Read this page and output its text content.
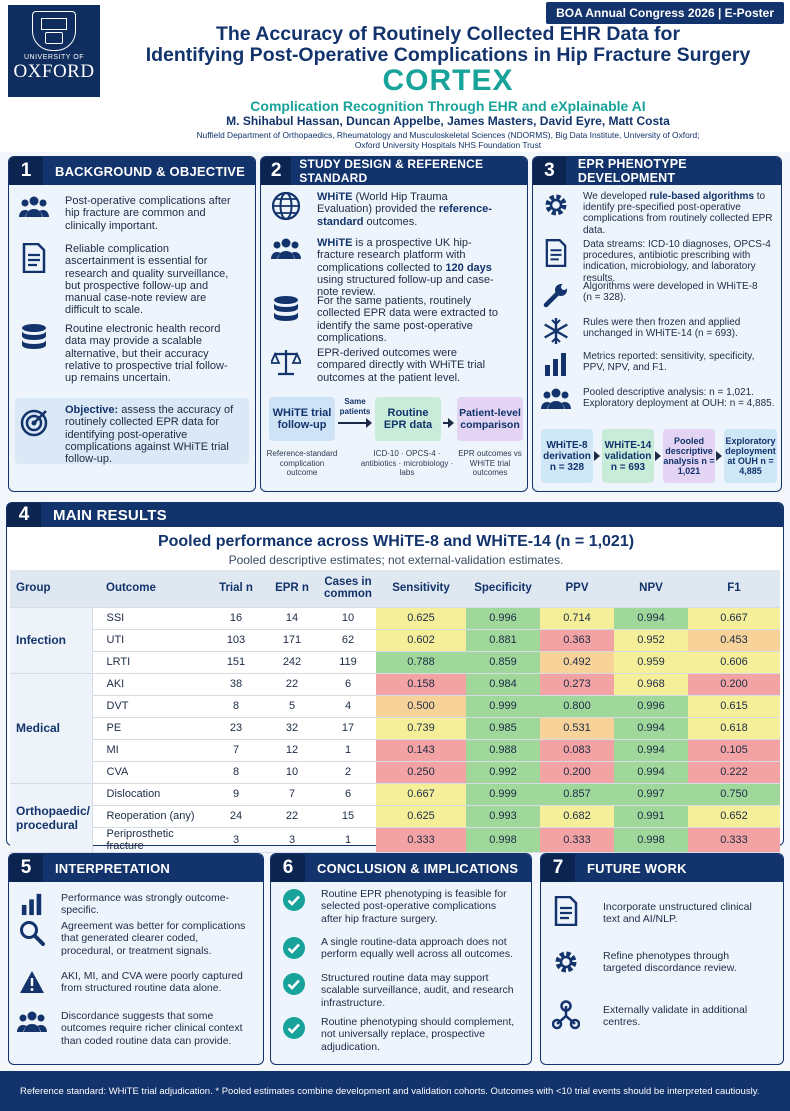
UNIVERSITY OF
OXFORD
BOA Annual Congress 2026 | E-Poster
The Accuracy of Routinely Collected EHR Data for
Identifying Post-Operative Complications in Hip Fracture Surgery
CORTEX
Complication Recognition Through EHR and eXplainable AI
M. Shihabul Hassan, Duncan Appelbe, James Masters, David Eyre, Matt Costa
Nuffield Department of Orthopaedics, Rheumatology and Musculoskeletal Sciences (NDORMS), Big Data Institute, University of Oxford;
Oxford University Hospitals NHS Foundation Trust
1	BACKGROUND & OBJECTIVE
Post-operative complications after hip fracture are common and clinically important.
Reliable complication ascertainment is essential for research and quality surveillance, but prospective follow-up and manual case-note review are difficult to scale.
Routine electronic health record data may provide a scalable alternative, but their accuracy relative to prospective trial follow-up remains uncertain.
Objective: assess the accuracy of routinely collected EPR data for identifying post-operative complications against WHiTE trial follow-up.
2	STUDY DESIGN & REFERENCE STANDARD
WHiTE (World Hip Trauma Evaluation) provided the reference-standard outcomes.
WHiTE is a prospective UK hip-fracture research platform with complications collected to 120 days using structured follow-up and case-note review.
For the same patients, routinely collected EPR data were extracted to identify the same post-operative complications.
EPR-derived outcomes were compared directly with WHiTE trial outcomes at the patient level.
WHiTE trial follow-up
Routine EPR data
Patient-level comparison
Same patients
Reference-standard complication outcome
ICD-10 · OPCS-4 · antibiotics · microbiology · labs
EPR outcomes vs WHiTE trial outcomes
3	EPR PHENOTYPE DEVELOPMENT
We developed rule-based algorithms to identify pre-specified post-operative complications from routinely collected EPR data.
Data streams: ICD-10 diagnoses, OPCS-4 procedures, antibiotic prescribing with indication, microbiology, and laboratory results.
Algorithms were developed in WHiTE-8 (n = 328).
Rules were then frozen and applied unchanged in WHiTE-14 (n = 693).
Metrics reported: sensitivity, specificity, PPV, NPV, and F1.
Pooled descriptive analysis: n = 1,021. Exploratory deployment at OUH: n = 4,885.
WHiTE-8 derivation n = 328
WHiTE-14 validation n = 693
Pooled descriptive analysis n = 1,021
Exploratory deployment at OUH n = 4,885
4	MAIN RESULTS
Pooled performance across WHiTE-8 and WHiTE-14 (n = 1,021)
Pooled descriptive estimates; not external-validation estimates.
Group	Outcome	Trial n	EPR n	Cases in common	Sensitivity	Specificity	PPV	NPV	F1
Infection	SSI	16	14	10	0.625	0.996	0.714	0.994	0.667
	UTI	103	171	62	0.602	0.881	0.363	0.952	0.453
	LRTI	151	242	119	0.788	0.859	0.492	0.959	0.606
Medical	AKI	38	22	6	0.158	0.984	0.273	0.968	0.200
	DVT	8	5	4	0.500	0.999	0.800	0.996	0.615
	PE	23	32	17	0.739	0.985	0.531	0.994	0.618
	MI	7	12	1	0.143	0.988	0.083	0.994	0.105
	CVA	8	10	2	0.250	0.992	0.200	0.994	0.222
Orthopaedic/ procedural	Dislocation	9	7	6	0.667	0.999	0.857	0.997	0.750
	Reoperation (any)	24	22	15	0.625	0.993	0.682	0.991	0.652
	Periprosthetic fracture	3	3	1	0.333	0.998	0.333	0.998	0.333
5	INTERPRETATION
Performance was strongly outcome-specific.
Agreement was better for complications that generated clearer coded, procedural, or treatment signals.
AKI, MI, and CVA were poorly captured from structured routine data alone.
Discordance suggests that some outcomes require richer clinical context than coded routine data can provide.
6	CONCLUSION & IMPLICATIONS
Routine EPR phenotyping is feasible for selected post-operative complications after hip fracture surgery.
A single routine-data approach does not perform equally well across all outcomes.
Structured routine data may support scalable surveillance, audit, and research infrastructure.
Routine phenotyping should complement, not universally replace, prospective adjudication.
7	FUTURE WORK
Incorporate unstructured clinical text and AI/NLP.
Refine phenotypes through targeted discordance review.
Externally validate in additional centres.
Reference standard: WHiTE trial adjudication. * Pooled estimates combine development and validation cohorts. Outcomes with <10 trial events should be interpreted cautiously.
